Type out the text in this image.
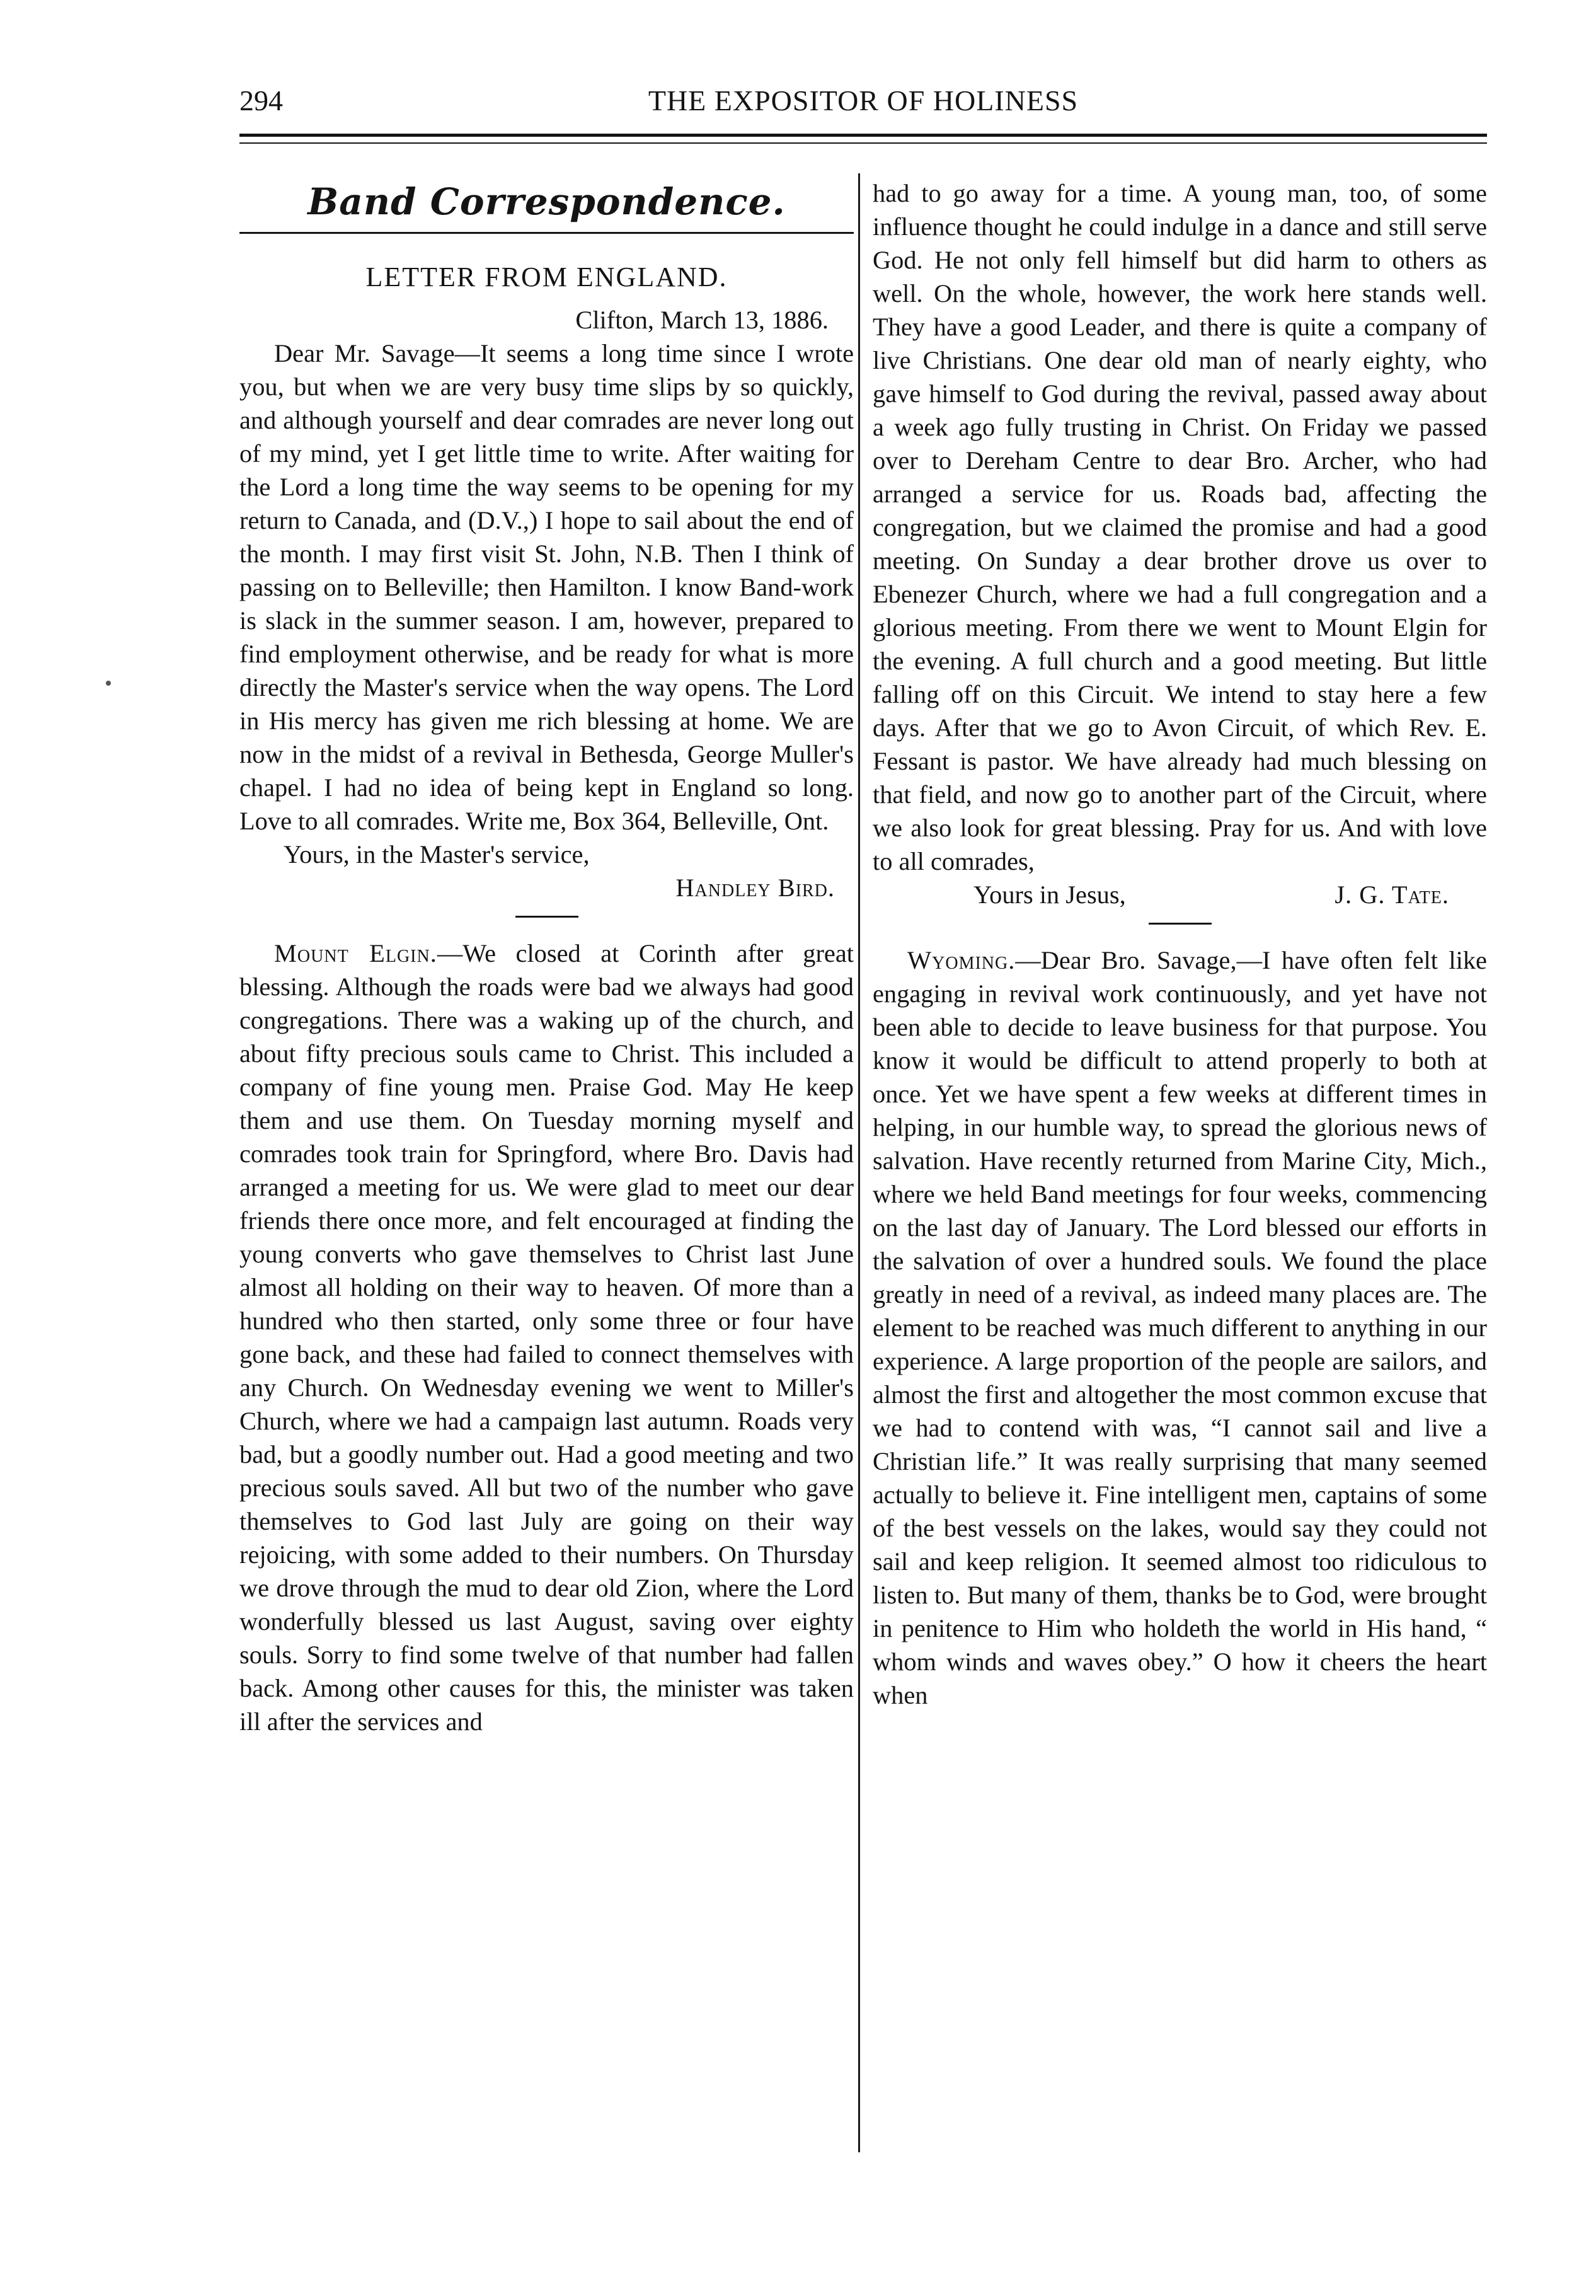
294	THE EXPOSITOR OF HOLINESS
Band Correspondence.
LETTER FROM ENGLAND.
Clifton, March 13, 1886.

Dear Mr. Savage—It seems a long time since I wrote you, but when we are very busy time slips by so quickly, and although yourself and dear comrades are never long out of my mind, yet I get little time to write. After waiting for the Lord a long time the way seems to be opening for my return to Canada, and (D.V.,) I hope to sail about the end of the month. I may first visit St. John, N.B. Then I think of passing on to Belleville; then Hamilton. I know Band-work is slack in the summer season. I am, however, prepared to find employment otherwise, and be ready for what is more directly the Master's service when the way opens. The Lord in His mercy has given me rich blessing at home. We are now in the midst of a revival in Bethesda, George Muller's chapel. I had no idea of being kept in England so long. Love to all comrades. Write me, Box 364, Belleville, Ont.

Yours, in the Master's service,
Handley Bird.

Mount Elgin.—We closed at Corinth after great blessing. Although the roads were bad we always had good congregations. There was a waking up of the church, and about fifty precious souls came to Christ. This included a company of fine young men. Praise God. May He keep them and use them. On Tuesday morning myself and comrades took train for Springford, where Bro. Davis had arranged a meeting for us. We were glad to meet our dear friends there once more, and felt encouraged at finding the young converts who gave themselves to Christ last June almost all holding on their way to heaven. Of more than a hundred who then started, only some three or four have gone back, and these had failed to connect themselves with any Church. On Wednesday evening we went to Miller's Church, where we had a campaign last autumn. Roads very bad, but a goodly number out. Had a good meeting and two precious souls saved. All but two of the number who gave themselves to God last July are going on their way rejoicing, with some added to their numbers. On Thursday we drove through the mud to dear old Zion, where the Lord wonderfully blessed us last August, saving over eighty souls. Sorry to find some twelve of that number had fallen back. Among other causes for this, the minister was taken ill after the services and

had to go away for a time. A young man, too, of some influence thought he could indulge in a dance and still serve God. He not only fell himself but did harm to others as well. On the whole, however, the work here stands well. They have a good Leader, and there is quite a company of live Christians. One dear old man of nearly eighty, who gave himself to God during the revival, passed away about a week ago fully trusting in Christ. On Friday we passed over to Dereham Centre to dear Bro. Archer, who had arranged a service for us. Roads bad, affecting the congregation, but we claimed the promise and had a good meeting. On Sunday a dear brother drove us over to Ebenezer Church, where we had a full congregation and a glorious meeting. From there we went to Mount Elgin for the evening. A full church and a good meeting. But little falling off on this Circuit. We intend to stay here a few days. After that we go to Avon Circuit, of which Rev. E. Fessant is pastor. We have already had much blessing on that field, and now go to another part of the Circuit, where we also look for great blessing. Pray for us. And with love to all comrades,

Yours in Jesus,	J. G. Tate.

Wyoming.—Dear Bro. Savage,—I have often felt like engaging in revival work continuously, and yet have not been able to decide to leave business for that purpose. You know it would be difficult to attend properly to both at once. Yet we have spent a few weeks at different times in helping, in our humble way, to spread the glorious news of salvation. Have recently returned from Marine City, Mich., where we held Band meetings for four weeks, commencing on the last day of January. The Lord blessed our efforts in the salvation of over a hundred souls. We found the place greatly in need of a revival, as indeed many places are. The element to be reached was much different to anything in our experience. A large proportion of the people are sailors, and almost the first and altogether the most common excuse that we had to contend with was, “I cannot sail and live a Christian life.” It was really surprising that many seemed actually to believe it. Fine intelligent men, captains of some of the best vessels on the lakes, would say they could not sail and keep religion. It seemed almost too ridiculous to listen to. But many of them, thanks be to God, were brought in penitence to Him who holdeth the world in His hand, “ whom winds and waves obey.” O how it cheers the heart when
